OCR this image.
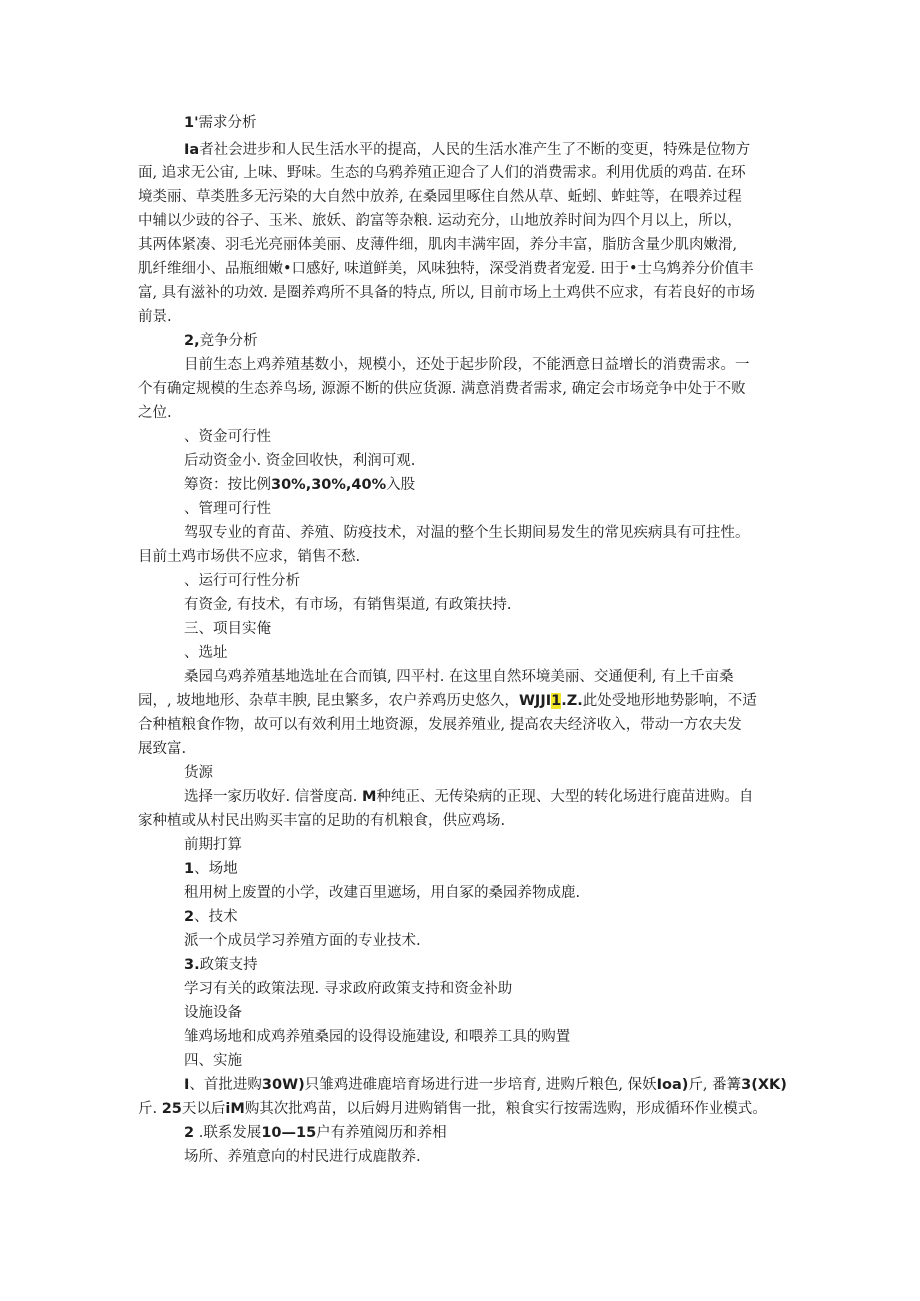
1'需求分析
Ia者社会进步和人民生活水平的提高，人民的生活水准产生了不断的变更，特殊是位物方
面, 追求无公宙, 上味、野味。生态的乌鸦养殖正迎合了人们的消费需求。利用优质的鸡苗. 在环
境类丽、草类胜多无污染的大自然中放养, 在桑园里啄住自然从草、蚯蚓、蚱蛀等，在喂养过程
中辅以少豉的谷子、玉米、旅妖、韵富等杂粮. 运动充分，山地放养时间为四个月以上，所以，
其两体紧凑、羽毛光亮丽体美丽、皮薄件细，肌肉丰满牢固，养分丰富，脂肪含量少肌肉嫩滑,
肌纤维细小、品瓶细嫩•口感好, 味道鲜美，风味独特，深受消费者宠爱. 田于•士乌鸩养分价值丰
富, 具有滋补的功效. 是圈养鸡所不具备的特点, 所以, 目前市场上土鸡供不应求，有若良好的市场
前景.
2,竞争分析
目前生态上鸡养殖基数小，规模小，还处于起步阶段，不能洒意日益增长的消费需求。一
个有确定规模的生态养鸟场, 源源不断的供应货源. 满意消费者需求, 确定会市场竞争中处于不败
之位.
、资金可行性
后动资金小. 资金回收快，利润可观.
筹资：按比例30%,30%,40%入股
、管理可行性
驾驭专业的育苗、养殖、防疫技术，对温的整个生长期间易发生的常见疾病具有可拄性。
目前土鸡市场供不应求，销售不愁.
、运行可行性分析
有资金, 有技术，有市场，有销售渠道, 有政策扶持.
三、项目实俺
、选址
桑园乌鸡养殖基地选址在合而镇, 四平村. 在这里自然环境美丽、交通便利, 有上千亩桑
园，, 坡地地形、杂草丰腴, 昆虫繁多，农户养鸡历史悠久，WJJI1.Z.此处受地形地势影响，不适
合种植粮食作物，故可以有效利用土地资源，发展养殖业, 提高农夫经济收入，带动一方农夫发
展致富.
货源
选择一家历收好. 信誉度高. M种纯正、无传染病的正现、大型的转化场进行鹿苗进购。自
家种植或从村民出购买丰富的足助的有机粮食，供应鸡场.
前期打算
1、场地
租用树上废置的小学，改建百里遮场，用自冢的桑园养物成鹿.
2、技术
派一个成员学习养殖方面的专业技术.
3.政策支持
学习有关的政策法现. 寻求政府政策支持和资金补助
设施设备
雏鸡场地和成鸡养殖桑园的设得设施建设, 和喂养工具的购置
四、实施
I、首批进购30W)只雏鸡进碓鹿培育场进行进一步培育, 进购斤粮色, 保妖Ioa)斤, 番篝3(XK)
斤. 25天以后iM购其次批鸡苗，以后姆月进购销售一批，粮食实行按需选购，形成循环作业模式。
2 .联系发展10—15户有养殖阅历和养相
场所、养殖意向的村民进行成鹿散养.
